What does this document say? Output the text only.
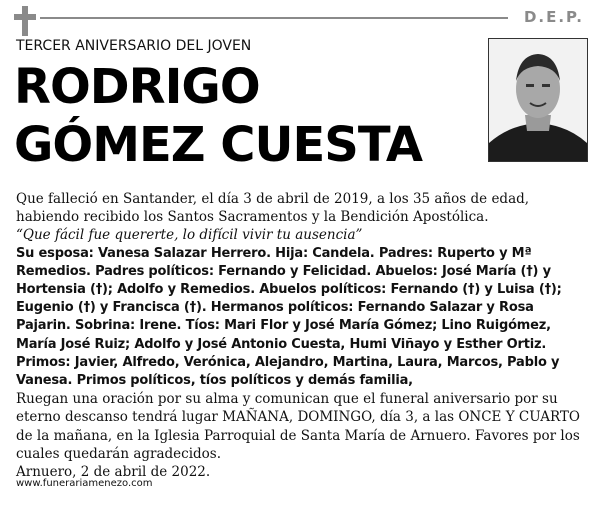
D.E.P.
TERCER ANIVERSARIO DEL JOVEN
RODRIGO
GÓMEZ CUESTA

Que falleció en Santander, el día 3 de abril de 2019, a los 35 años de edad, habiendo recibido los Santos Sacramentos y la Bendición Apostólica.

“Que fácil fue quererte, lo difícil vivir tu ausencia”

Su esposa: Vanesa Salazar Herrero. Hija: Candela. Padres: Ruperto y Mª Remedios. Padres políticos: Fernando y Felicidad. Abuelos: José María (†) y Hortensia (†); Adolfo y Remedios. Abuelos políticos: Fernando (†) y Luisa (†); Eugenio (†) y Francisca (†). Hermanos políticos: Fernando Salazar y Rosa Pajarin. Sobrina: Irene. Tíos: Mari Flor y José María Gómez; Lino Ruigómez, María José Ruiz; Adolfo y José Antonio Cuesta, Humi Viñayo y Esther Ortiz. Primos: Javier, Alfredo, Verónica, Alejandro, Martina, Laura, Marcos, Pablo y Vanesa. Primos políticos, tíos políticos y demás familia,

Ruegan una oración por su alma y comunican que el funeral aniversario por su eterno descanso tendrá lugar MAÑANA, DOMINGO, día 3, a las ONCE Y CUARTO de la mañana, en la Iglesia Parroquial de Santa María de Arnuero. Favores por los cuales quedarán agradecidos.

Arnuero, 2 de abril de 2022.

www.funerariamenezo.com
